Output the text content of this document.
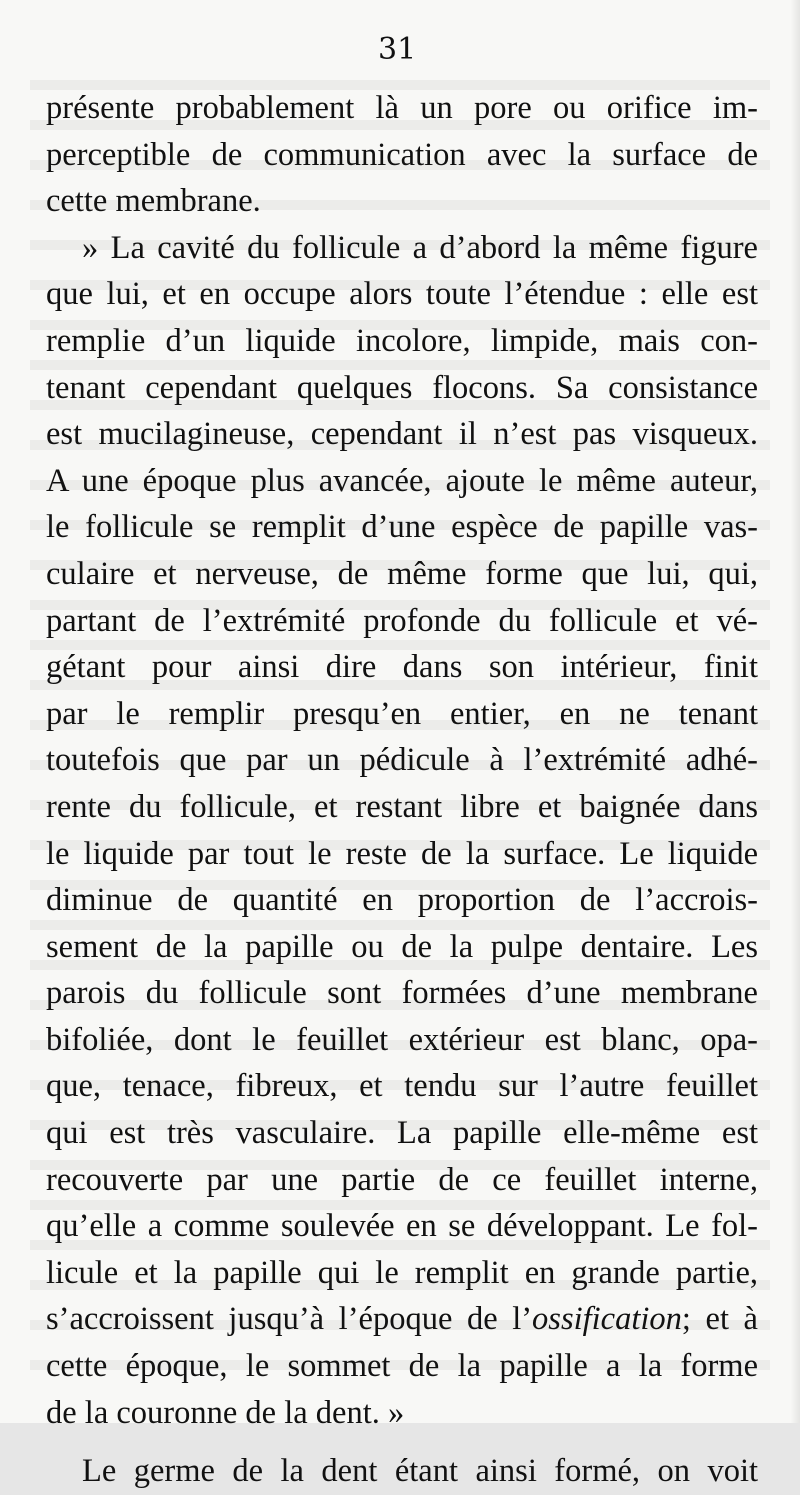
31
présente probablement là un pore ou orifice im-
perceptible de communication avec la surface de
cette membrane.
» La cavité du follicule a d’abord la même figure
que lui, et en occupe alors toute l’étendue : elle est
remplie d’un liquide incolore, limpide, mais con-
tenant cependant quelques flocons. Sa consistance
est mucilagineuse, cependant il n’est pas visqueux.
A une époque plus avancée, ajoute le même auteur,
le follicule se remplit d’une espèce de papille vas-
culaire et nerveuse, de même forme que lui, qui,
partant de l’extrémité profonde du follicule et vé-
gétant pour ainsi dire dans son intérieur, finit
par le remplir presqu’en entier, en ne tenant
toutefois que par un pédicule à l’extrémité adhé-
rente du follicule, et restant libre et baignée dans
le liquide par tout le reste de la surface. Le liquide
diminue de quantité en proportion de l’accrois-
sement de la papille ou de la pulpe dentaire. Les
parois du follicule sont formées d’une membrane
bifoliée, dont le feuillet extérieur est blanc, opa-
que, tenace, fibreux, et tendu sur l’autre feuillet
qui est très vasculaire. La papille elle-même est
recouverte par une partie de ce feuillet interne,
qu’elle a comme soulevée en se développant. Le fol-
licule et la papille qui le remplit en grande partie,
s’accroissent jusqu’à l’époque de l’ossification; et à
cette époque, le sommet de la papille a la forme
de la couronne de la dent. »
Le germe de la dent étant ainsi formé, on voit
